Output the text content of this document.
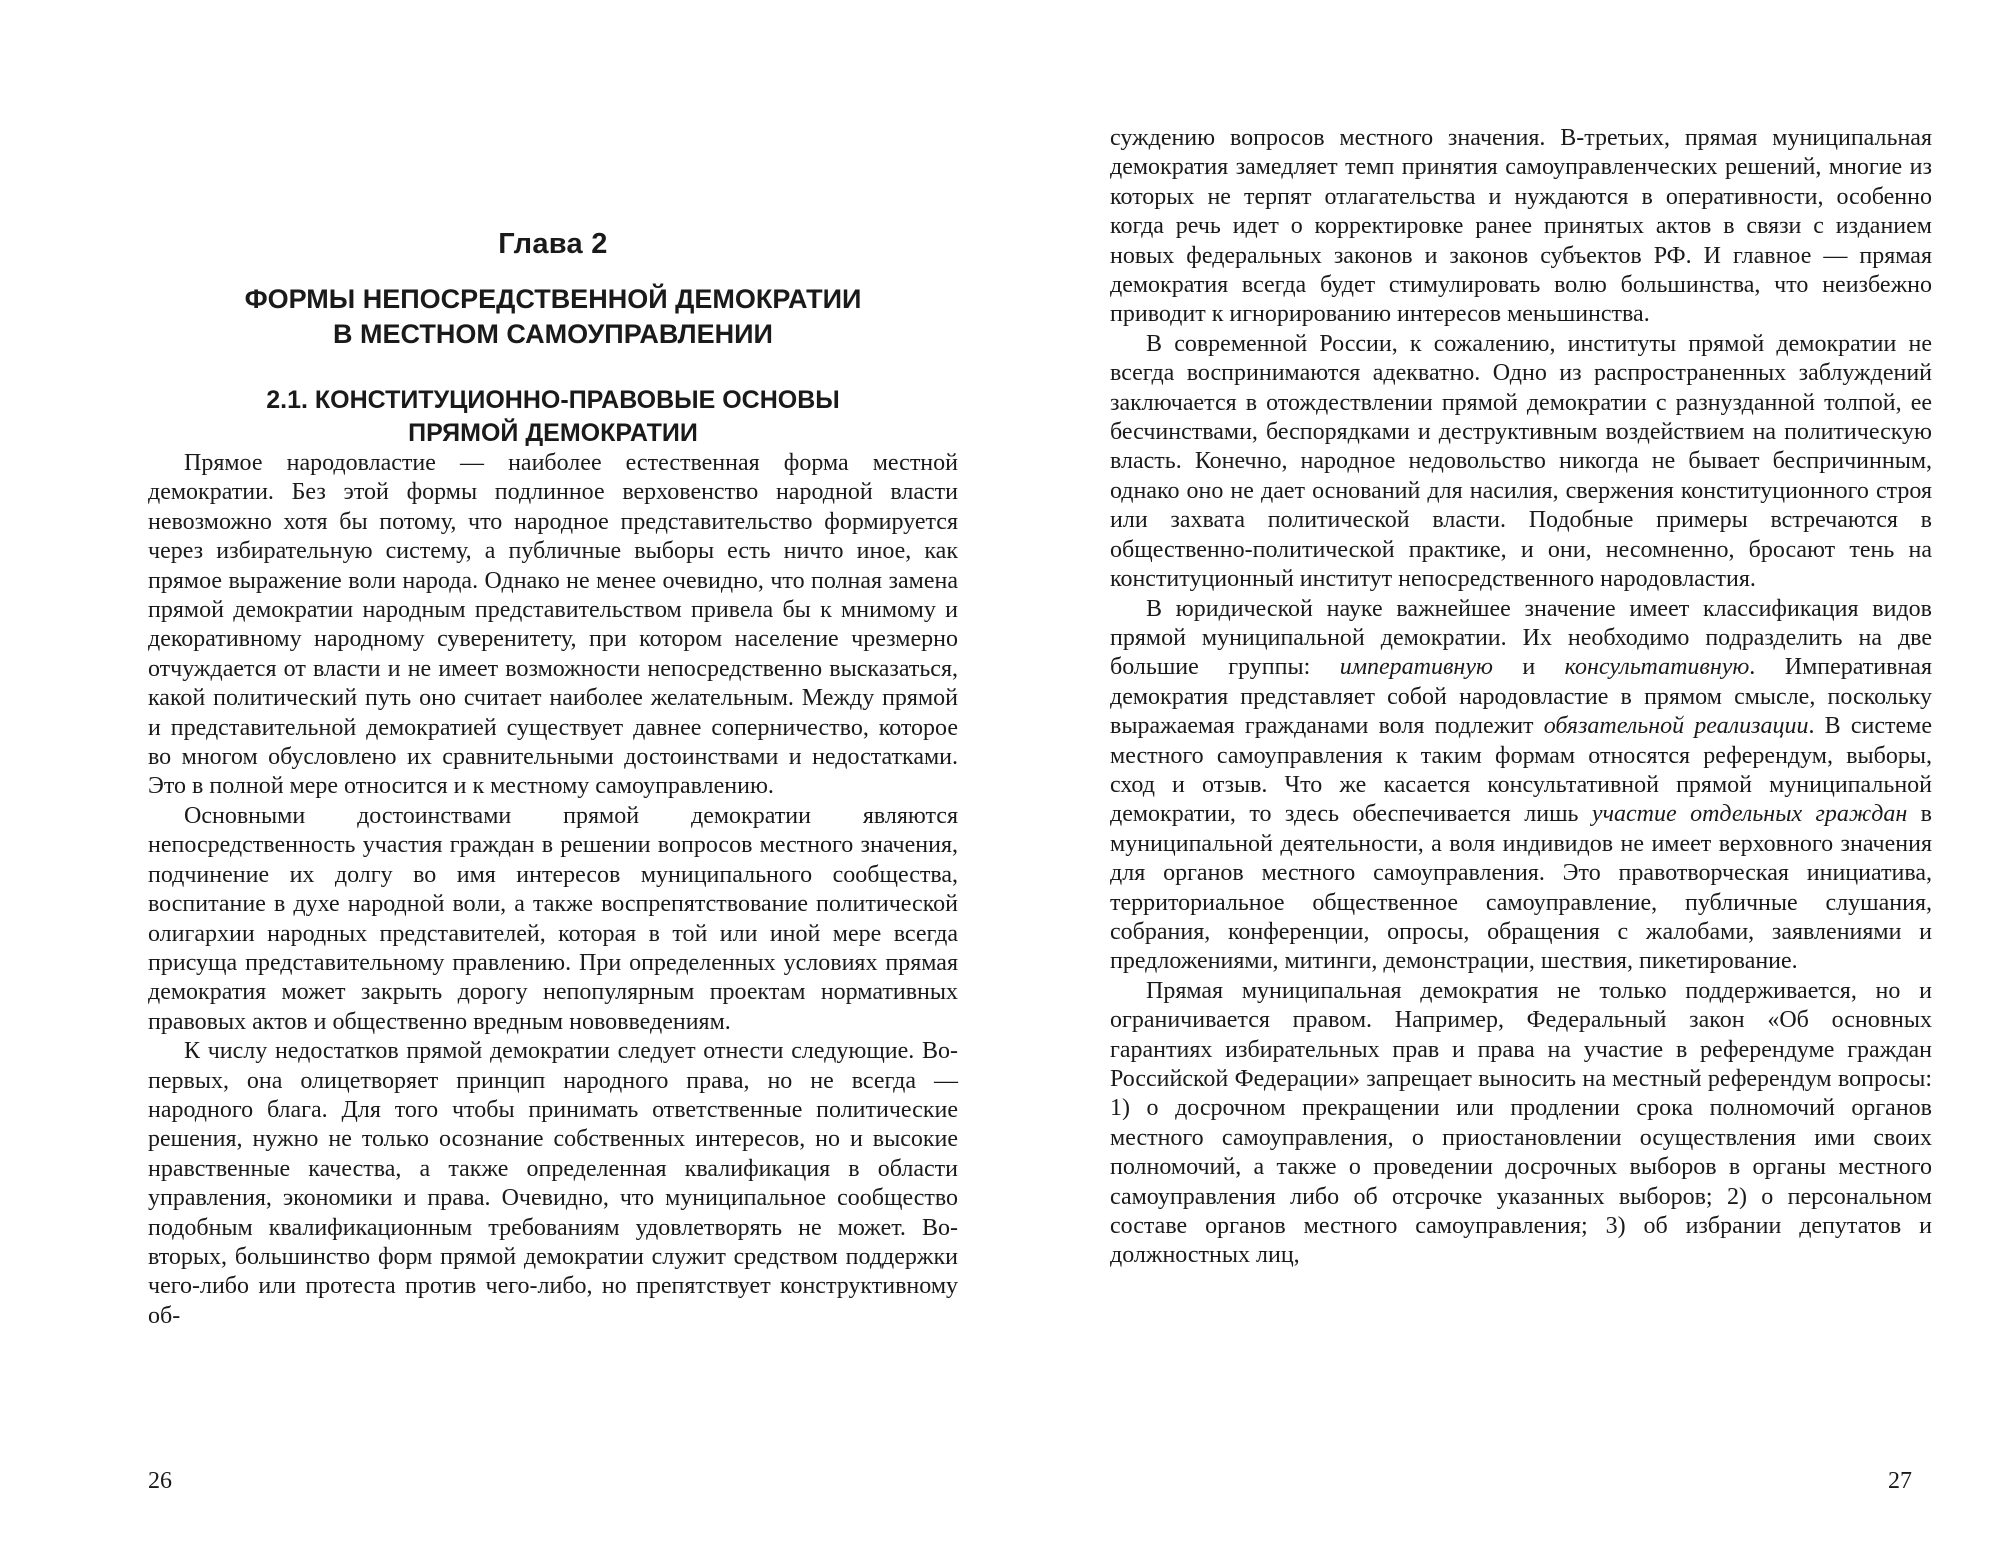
Глава 2
ФОРМЫ НЕПОСРЕДСТВЕННОЙ ДЕМОКРАТИИ
В МЕСТНОМ САМОУПРАВЛЕНИИ
2.1. КОНСТИТУЦИОННО-ПРАВОВЫЕ ОСНОВЫ
ПРЯМОЙ ДЕМОКРАТИИ

Прямое народовластие — наиболее естественная форма местной демократии. Без этой формы подлинное верховенство народной власти невозможно хотя бы потому, что народное представительство формируется через избирательную систему, а публичные выборы есть ничто иное, как прямое выражение воли народа. Однако не менее очевидно, что полная замена прямой демократии народным представительством привела бы к мнимому и декоративному народному суверенитету, при котором население чрезмерно отчуждается от власти и не имеет возможности непосредственно высказаться, какой политический путь оно считает наиболее желательным. Между прямой и представительной демократией существует давнее соперничество, которое во многом обусловлено их сравнительными достоинствами и недостатками. Это в полной мере относится и к местному самоуправлению.

Основными достоинствами прямой демократии являются непосредственность участия граждан в решении вопросов местного значения, подчинение их долгу во имя интересов муниципального сообщества, воспитание в духе народной воли, а также воспрепятствование политической олигархии народных представителей, которая в той или иной мере всегда присуща представительному правлению. При определенных условиях прямая демократия может закрыть дорогу непопулярным проектам нормативных правовых актов и общественно вредным нововведениям.

К числу недостатков прямой демократии следует отнести следующие. Во-первых, она олицетворяет принцип народного права, но не всегда — народного блага. Для того чтобы принимать ответственные политические решения, нужно не только осознание собственных интересов, но и высокие нравственные качества, а также определенная квалификация в области управления, экономики и права. Очевидно, что муниципальное сообщество подобным квалификационным требованиям удовлетворять не может. Во-вторых, большинство форм прямой демократии служит средством поддержки чего-либо или протеста против чего-либо, но препятствует конструктивному об-

26

суждению вопросов местного значения. В-третьих, прямая муниципальная демократия замедляет темп принятия самоуправленческих решений, многие из которых не терпят отлагательства и нуждаются в оперативности, особенно когда речь идет о корректировке ранее принятых актов в связи с изданием новых федеральных законов и законов субъектов РФ. И главное — прямая демократия всегда будет стимулировать волю большинства, что неизбежно приводит к игнорированию интересов меньшинства.

В современной России, к сожалению, институты прямой демократии не всегда воспринимаются адекватно. Одно из распространенных заблуждений заключается в отождествлении прямой демократии с разнузданной толпой, ее бесчинствами, беспорядками и деструктивным воздействием на политическую власть. Конечно, народное недовольство никогда не бывает беспричинным, однако оно не дает оснований для насилия, свержения конституционного строя или захвата политической власти. Подобные примеры встречаются в общественно-политической практике, и они, несомненно, бросают тень на конституционный институт непосредственного народовластия.

В юридической науке важнейшее значение имеет классификация видов прямой муниципальной демократии. Их необходимо подразделить на две большие группы: императивную и консультативную. Императивная демократия представляет собой народовластие в прямом смысле, поскольку выражаемая гражданами воля подлежит обязательной реализации. В системе местного самоуправления к таким формам относятся референдум, выборы, сход и отзыв. Что же касается консультативной прямой муниципальной демократии, то здесь обеспечивается лишь участие отдельных граждан в муниципальной деятельности, а воля индивидов не имеет верховного значения для органов местного самоуправления. Это правотворческая инициатива, территориальное общественное самоуправление, публичные слушания, собрания, конференции, опросы, обращения с жалобами, заявлениями и предложениями, митинги, демонстрации, шествия, пикетирование.

Прямая муниципальная демократия не только поддерживается, но и ограничивается правом. Например, Федеральный закон «Об основных гарантиях избирательных прав и права на участие в референдуме граждан Российской Федерации» запрещает выносить на местный референдум вопросы: 1) о досрочном прекращении или продлении срока полномочий органов местного самоуправления, о приостановлении осуществления ими своих полномочий, а также о проведении досрочных выборов в органы местного самоуправления либо об отсрочке указанных выборов; 2) о персональном составе органов местного самоуправления; 3) об избрании депутатов и должностных лиц,

27
